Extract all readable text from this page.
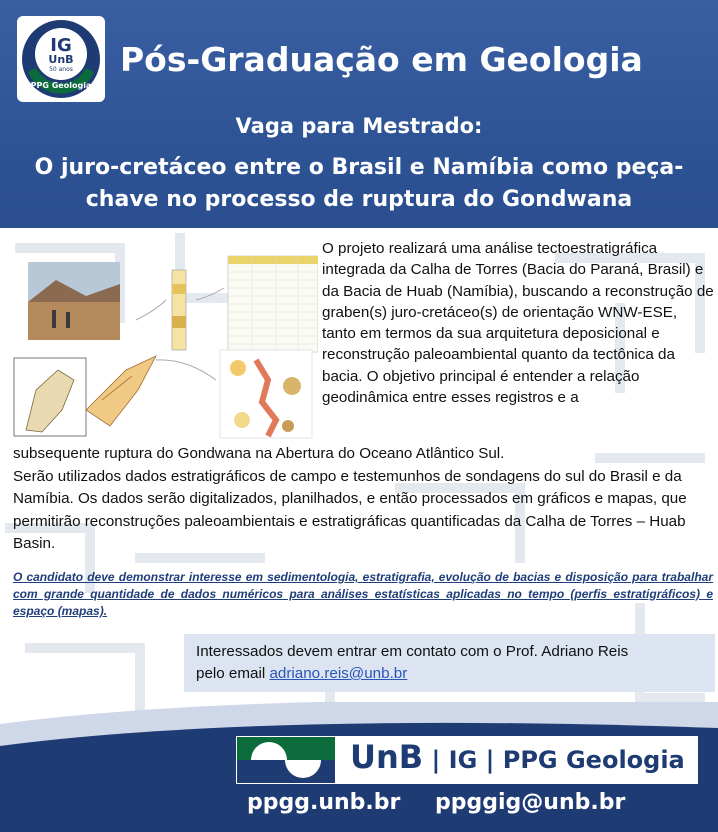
IG
UnB
50 anos
PPG Geologia
Pós-Graduação em Geologia
Vaga para Mestrado:
O juro-cretáceo entre o Brasil e Namíbia como peça-
chave no processo de ruptura do Gondwana
O projeto realizará uma análise tectoestratigráfica integrada da Calha de Torres (Bacia do Paraná, Brasil) e da Bacia de Huab (Namíbia), buscando a reconstrução de graben(s) juro-cretáceo(s) de orientação WNW-ESE, tanto em termos da sua arquitetura deposicional e reconstrução paleoambiental quanto da tectônica da bacia. O objetivo principal é entender a relação geodinâmica entre esses registros e a
subsequente ruptura do Gondwana na Abertura do Oceano Atlântico Sul.
Serão utilizados dados estratigráficos de campo e testemunhos de sondagens do sul do Brasil e da Namíbia. Os dados serão digitalizados, planilhados, e então processados em gráficos e mapas, que permitirão reconstruções paleoambientais e estratigráficas quantificadas da Calha de Torres – Huab Basin.
O candidato deve demonstrar interesse em sedimentologia, estratigrafia, evolução de bacias e disposição para trabalhar com grande quantidade de dados numéricos para análises estatísticas aplicadas no tempo (perfis estratigráficos) e espaço (mapas).
Interessados devem entrar em contato com o Prof. Adriano Reis
pelo email adriano.reis@unb.br
UnB | IG | PPG Geologia
ppgg.unb.br ppggig@unb.br
